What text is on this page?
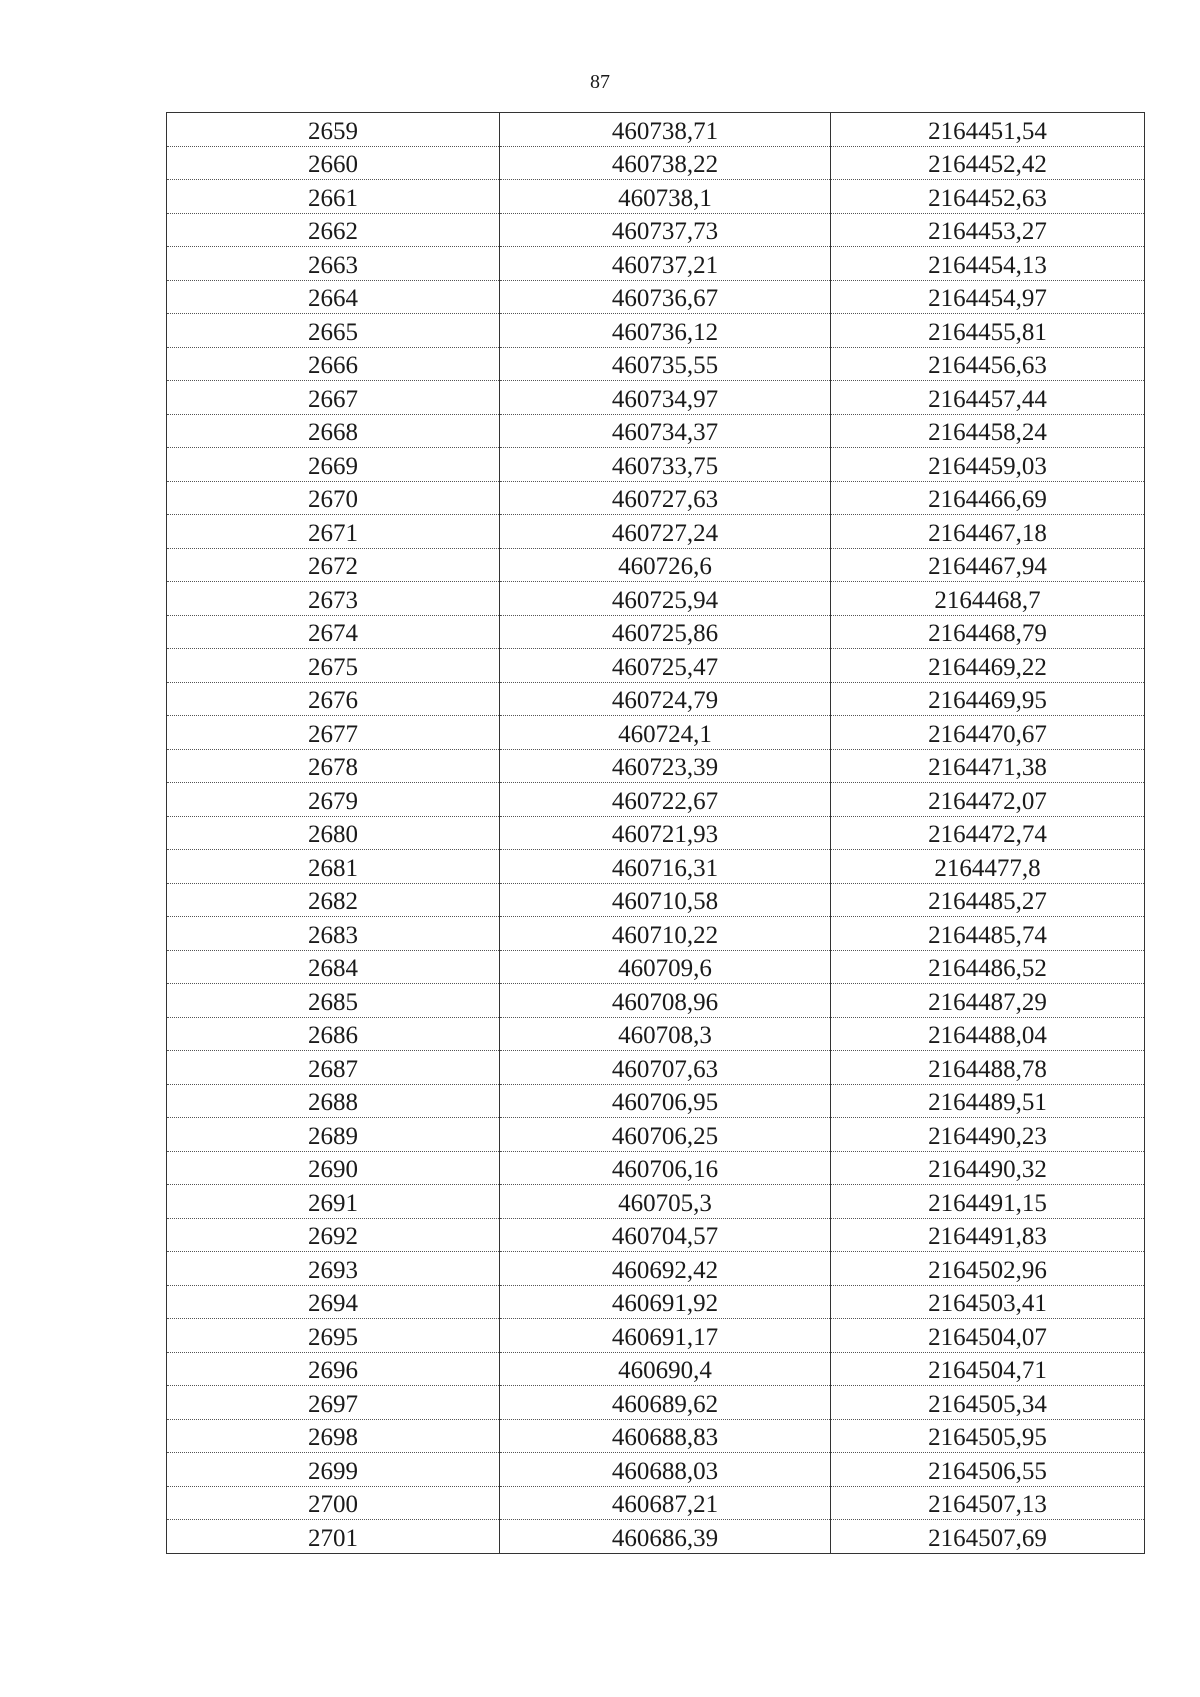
87
2659	460738,71	2164451,54
2660	460738,22	2164452,42
2661	460738,1	2164452,63
2662	460737,73	2164453,27
2663	460737,21	2164454,13
2664	460736,67	2164454,97
2665	460736,12	2164455,81
2666	460735,55	2164456,63
2667	460734,97	2164457,44
2668	460734,37	2164458,24
2669	460733,75	2164459,03
2670	460727,63	2164466,69
2671	460727,24	2164467,18
2672	460726,6	2164467,94
2673	460725,94	2164468,7
2674	460725,86	2164468,79
2675	460725,47	2164469,22
2676	460724,79	2164469,95
2677	460724,1	2164470,67
2678	460723,39	2164471,38
2679	460722,67	2164472,07
2680	460721,93	2164472,74
2681	460716,31	2164477,8
2682	460710,58	2164485,27
2683	460710,22	2164485,74
2684	460709,6	2164486,52
2685	460708,96	2164487,29
2686	460708,3	2164488,04
2687	460707,63	2164488,78
2688	460706,95	2164489,51
2689	460706,25	2164490,23
2690	460706,16	2164490,32
2691	460705,3	2164491,15
2692	460704,57	2164491,83
2693	460692,42	2164502,96
2694	460691,92	2164503,41
2695	460691,17	2164504,07
2696	460690,4	2164504,71
2697	460689,62	2164505,34
2698	460688,83	2164505,95
2699	460688,03	2164506,55
2700	460687,21	2164507,13
2701	460686,39	2164507,69
